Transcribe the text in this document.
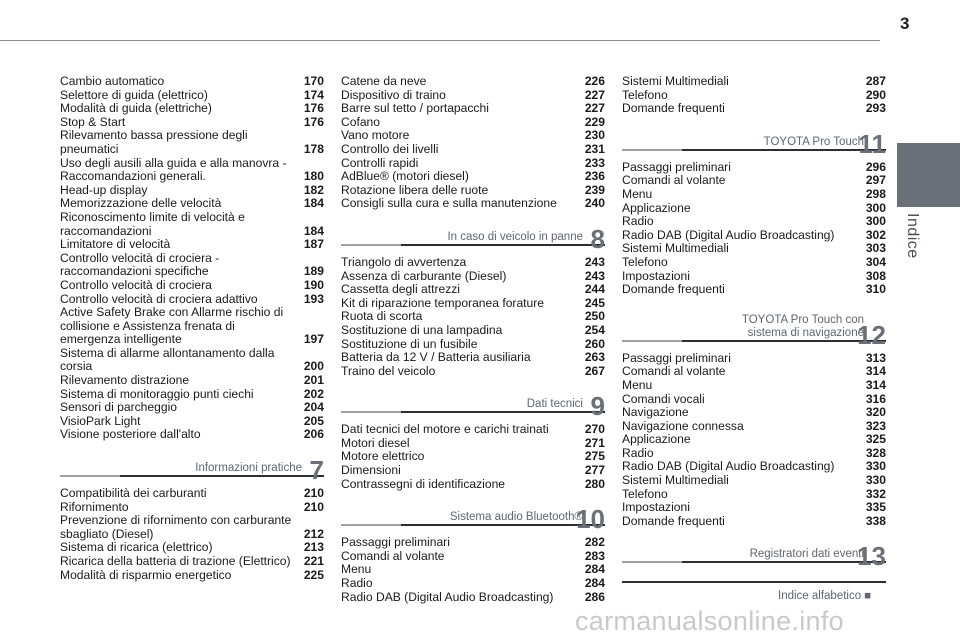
3
Indice
Cambio automatico	170
Selettore di guida (elettrico)	174
Modalità di guida (elettriche)	176
Stop & Start	176
Rilevamento bassa pressione degli pneumatici	178
Uso degli ausili alla guida e alla manovra - Raccomandazioni generali.	180
Head-up display	182
Memorizzazione delle velocità	184
Riconoscimento limite di velocità e raccomandazioni	184
Limitatore di velocità	187
Controllo velocità di crociera - raccomandazioni specifiche	189
Controllo velocità di crociera	190
Controllo velocità di crociera adattivo	193
Active Safety Brake con Allarme rischio di collisione e Assistenza frenata di emergenza intelligente	197
Sistema di allarme allontanamento dalla corsia	200
Rilevamento distrazione	201
Sistema di monitoraggio punti ciechi	202
Sensori di parcheggio	204
VisioPark Light	205
Visione posteriore dall'alto	206
Informazioni pratiche 7
Compatibilità dei carburanti	210
Rifornimento	210
Prevenzione di rifornimento con carburante sbagliato (Diesel)	212
Sistema di ricarica (elettrico)	213
Ricarica della batteria di trazione (Elettrico)	221
Modalità di risparmio energetico	225
Catene da neve	226
Dispositivo di traino	227
Barre sul tetto / portapacchi	227
Cofano	229
Vano motore	230
Controllo dei livelli	231
Controlli rapidi	233
AdBlue® (motori diesel)	236
Rotazione libera delle ruote	239
Consigli sulla cura e sulla manutenzione	240
In caso di veicolo in panne 8
Triangolo di avvertenza	243
Assenza di carburante (Diesel)	243
Cassetta degli attrezzi	244
Kit di riparazione temporanea forature	245
Ruota di scorta	250
Sostituzione di una lampadina	254
Sostituzione di un fusibile	260
Batteria da 12 V / Batteria ausiliaria	263
Traino del veicolo	267
Dati tecnici 9
Dati tecnici del motore e carichi trainati	270
Motori diesel	271
Motore elettrico	275
Dimensioni	277
Contrassegni di identificazione	280
Sistema audio Bluetooth®
10
Passaggi preliminari	282
Comandi al volante	283
Menu	284
Radio	284
Radio DAB (Digital Audio Broadcasting)	286
Sistemi Multimediali	287
Telefono	290
Domande frequenti	293
TOYOTA Pro Touch
11
Passaggi preliminari	296
Comandi al volante	297
Menu	298
Applicazione	300
Radio	300
Radio DAB (Digital Audio Broadcasting)	302
Sistemi Multimediali	303
Telefono	304
Impostazioni	308
Domande frequenti	310
TOYOTA Pro Touch con sistema di navigazione
12
Passaggi preliminari	313
Comandi al volante	314
Menu	314
Comandi vocali	316
Navigazione	320
Navigazione connessa	323
Applicazione	325
Radio	328
Radio DAB (Digital Audio Broadcasting)	330
Sistemi Multimediali	330
Telefono	332
Impostazioni	335
Domande frequenti	338
Registratori dati eventi
13
Indice alfabetico ■
carmanualsonline.info
